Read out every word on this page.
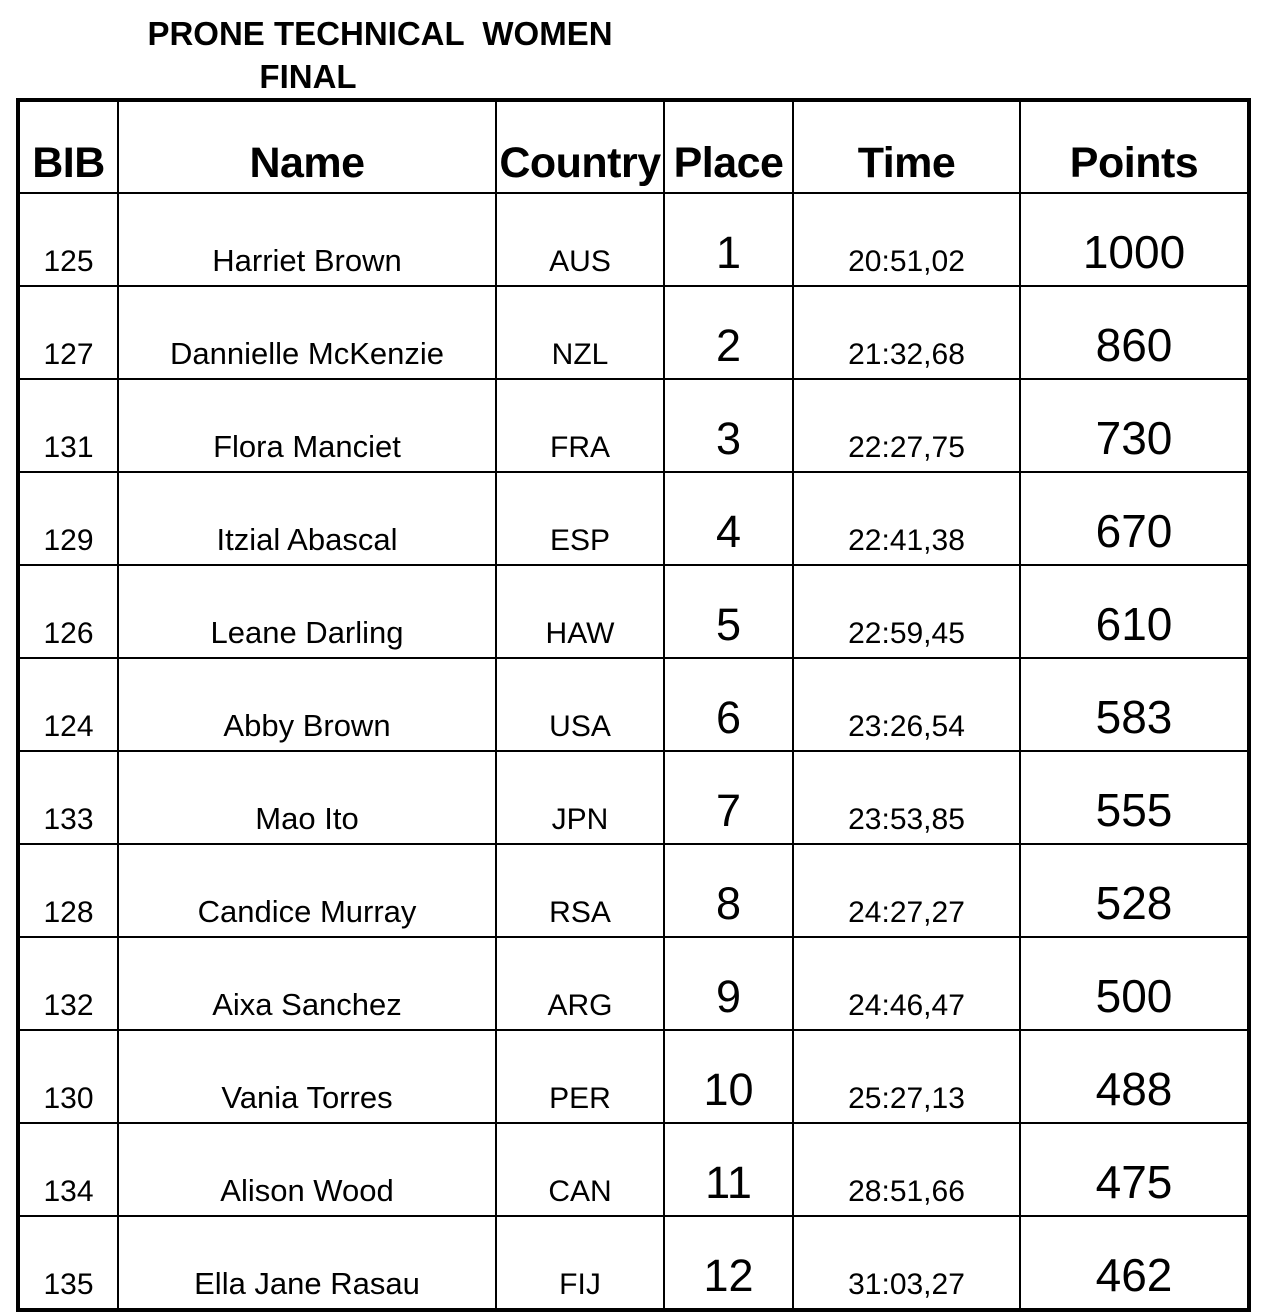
PRONE TECHNICAL  WOMEN
FINAL
BIB	Name	Country	Place	Time	Points
125	Harriet Brown	AUS	1	20:51,02	1000
127	Dannielle McKenzie	NZL	2	21:32,68	860
131	Flora Manciet	FRA	3	22:27,75	730
129	Itzial Abascal	ESP	4	22:41,38	670
126	Leane Darling	HAW	5	22:59,45	610
124	Abby Brown	USA	6	23:26,54	583
133	Mao Ito	JPN	7	23:53,85	555
128	Candice Murray	RSA	8	24:27,27	528
132	Aixa Sanchez	ARG	9	24:46,47	500
130	Vania Torres	PER	10	25:27,13	488
134	Alison Wood	CAN	11	28:51,66	475
135	Ella Jane Rasau	FIJ	12	31:03,27	462
